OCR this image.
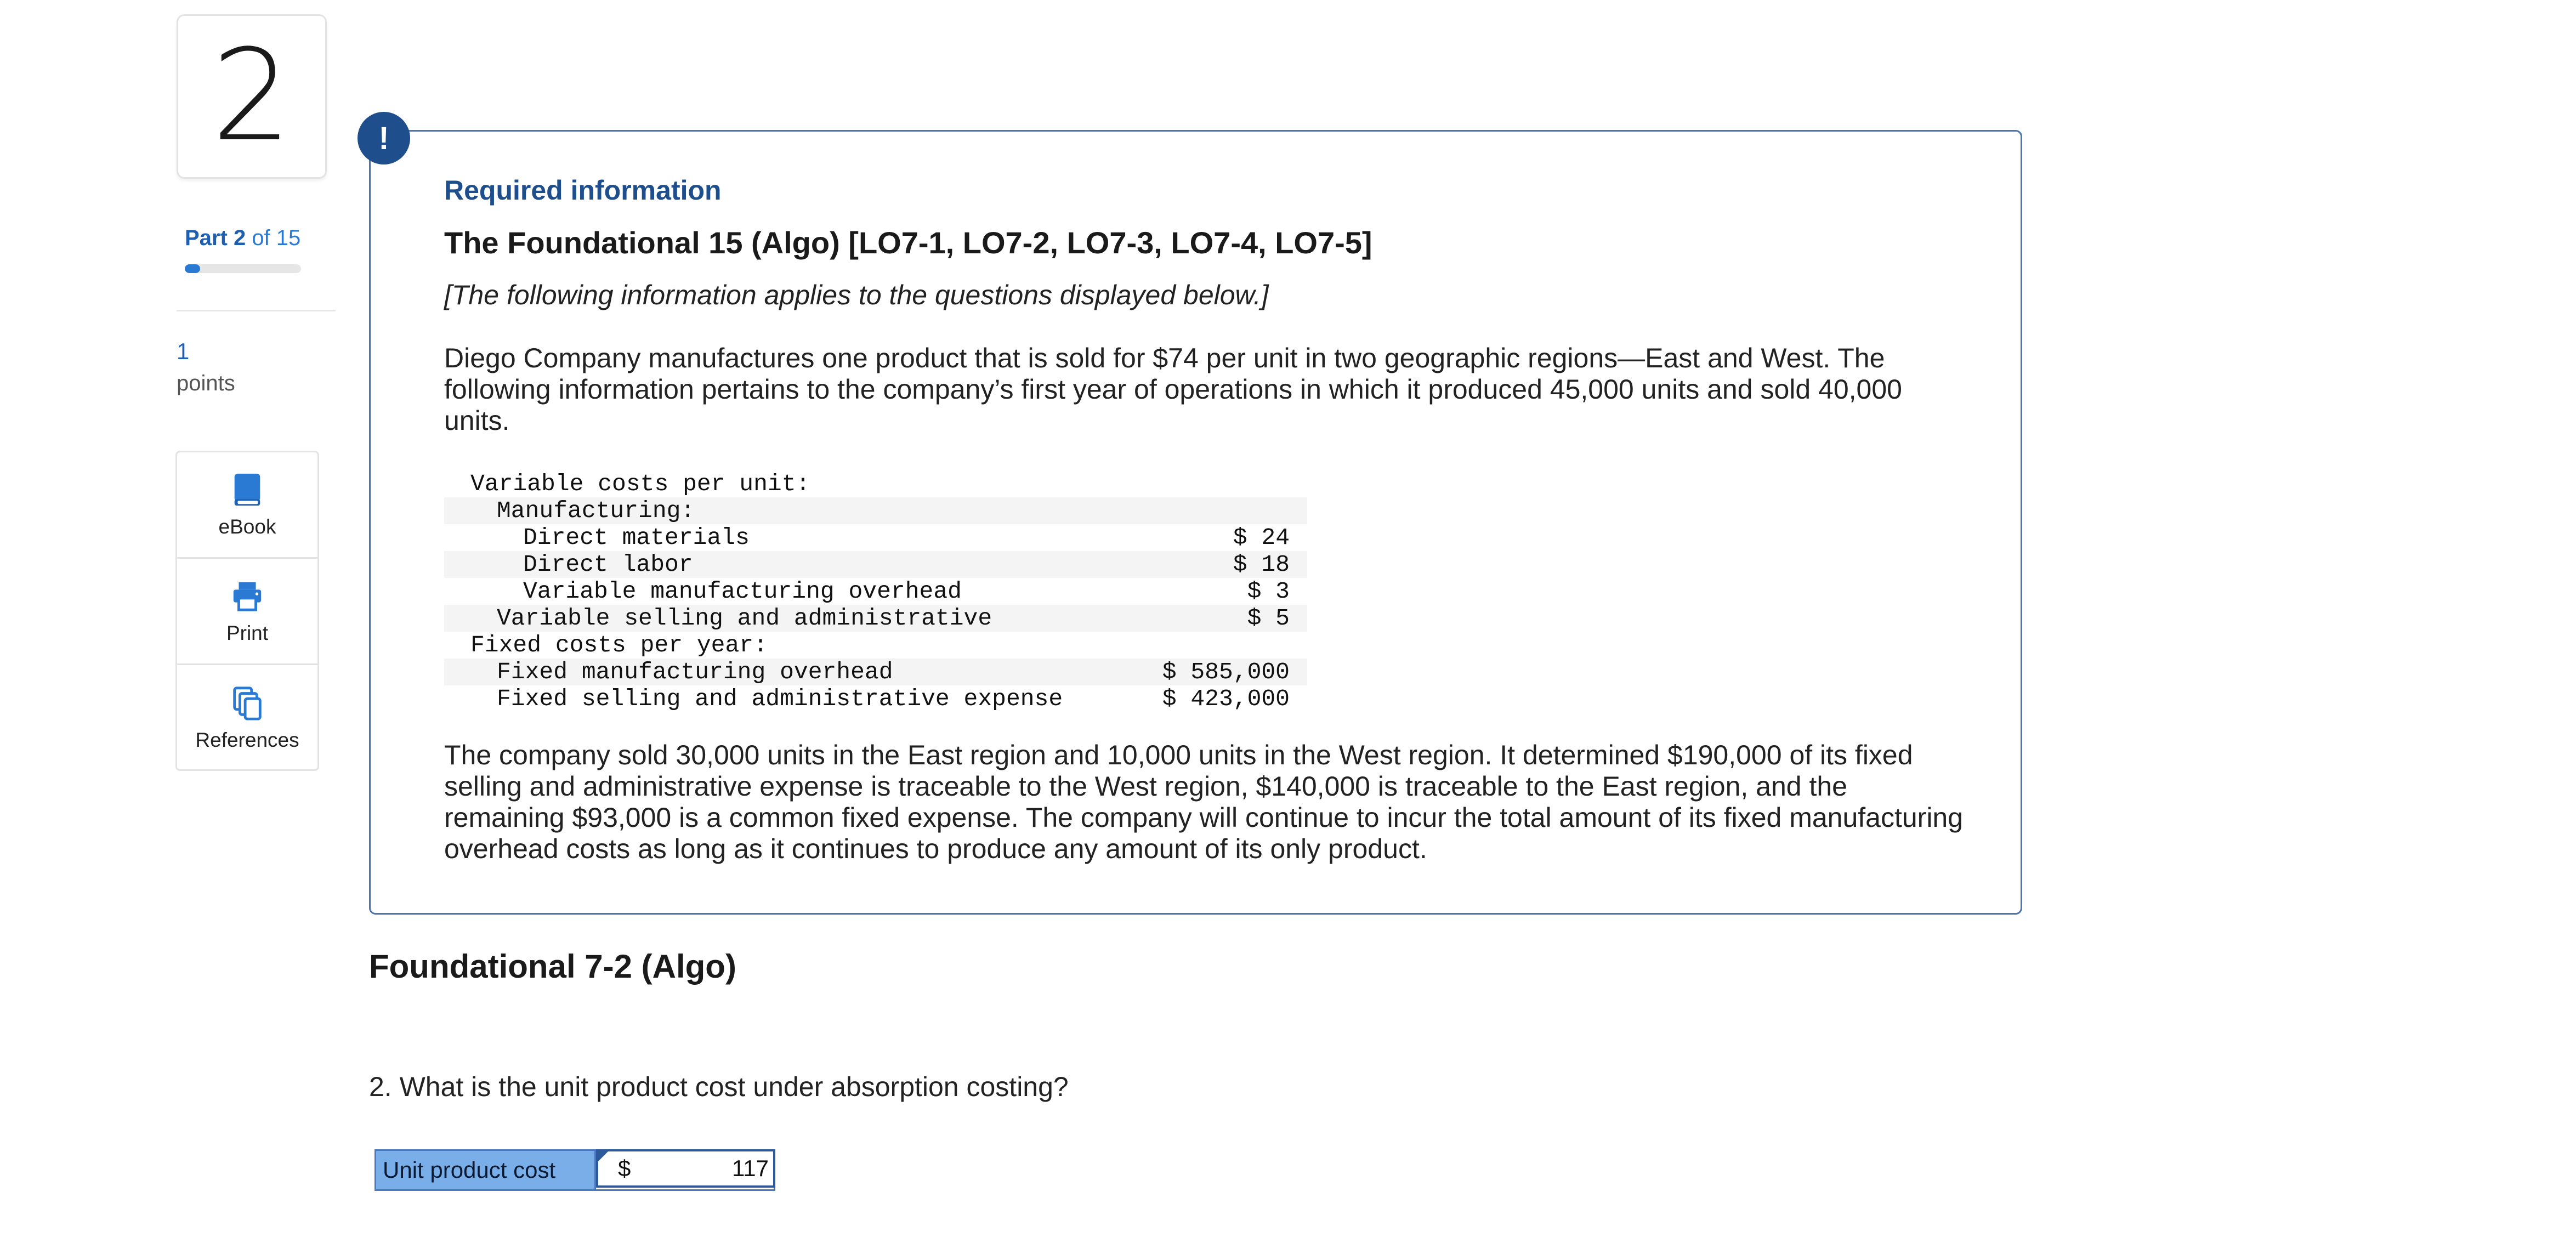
2
Part 2 of 15
1
points
eBook
Print
References
Required information
The Foundational 15 (Algo) [LO7-1, LO7-2, LO7-3, LO7-4, LO7-5]
[The following information applies to the questions displayed below.]

Diego Company manufactures one product that is sold for $74 per unit in two geographic regions—East and West. The following information pertains to the company’s first year of operations in which it produced 45,000 units and sold 40,000 units.

Variable costs per unit:	
Manufacturing:	
Direct materials	$ 24
Direct labor	$ 18
Variable manufacturing overhead	$ 3
Variable selling and administrative	$ 5
Fixed costs per year:	
Fixed manufacturing overhead	$ 585,000
Fixed selling and administrative expense	$ 423,000

The company sold 30,000 units in the East region and 10,000 units in the West region. It determined $190,000 of its fixed selling and administrative expense is traceable to the West region, $140,000 is traceable to the East region, and the remaining $93,000 is a common fixed expense. The company will continue to incur the total amount of its fixed manufacturing overhead costs as long as it continues to produce any amount of its only product.

!
Foundational 7-2 (Algo)
2. What is the unit product cost under absorption costing?
Unit product cost	$
117
